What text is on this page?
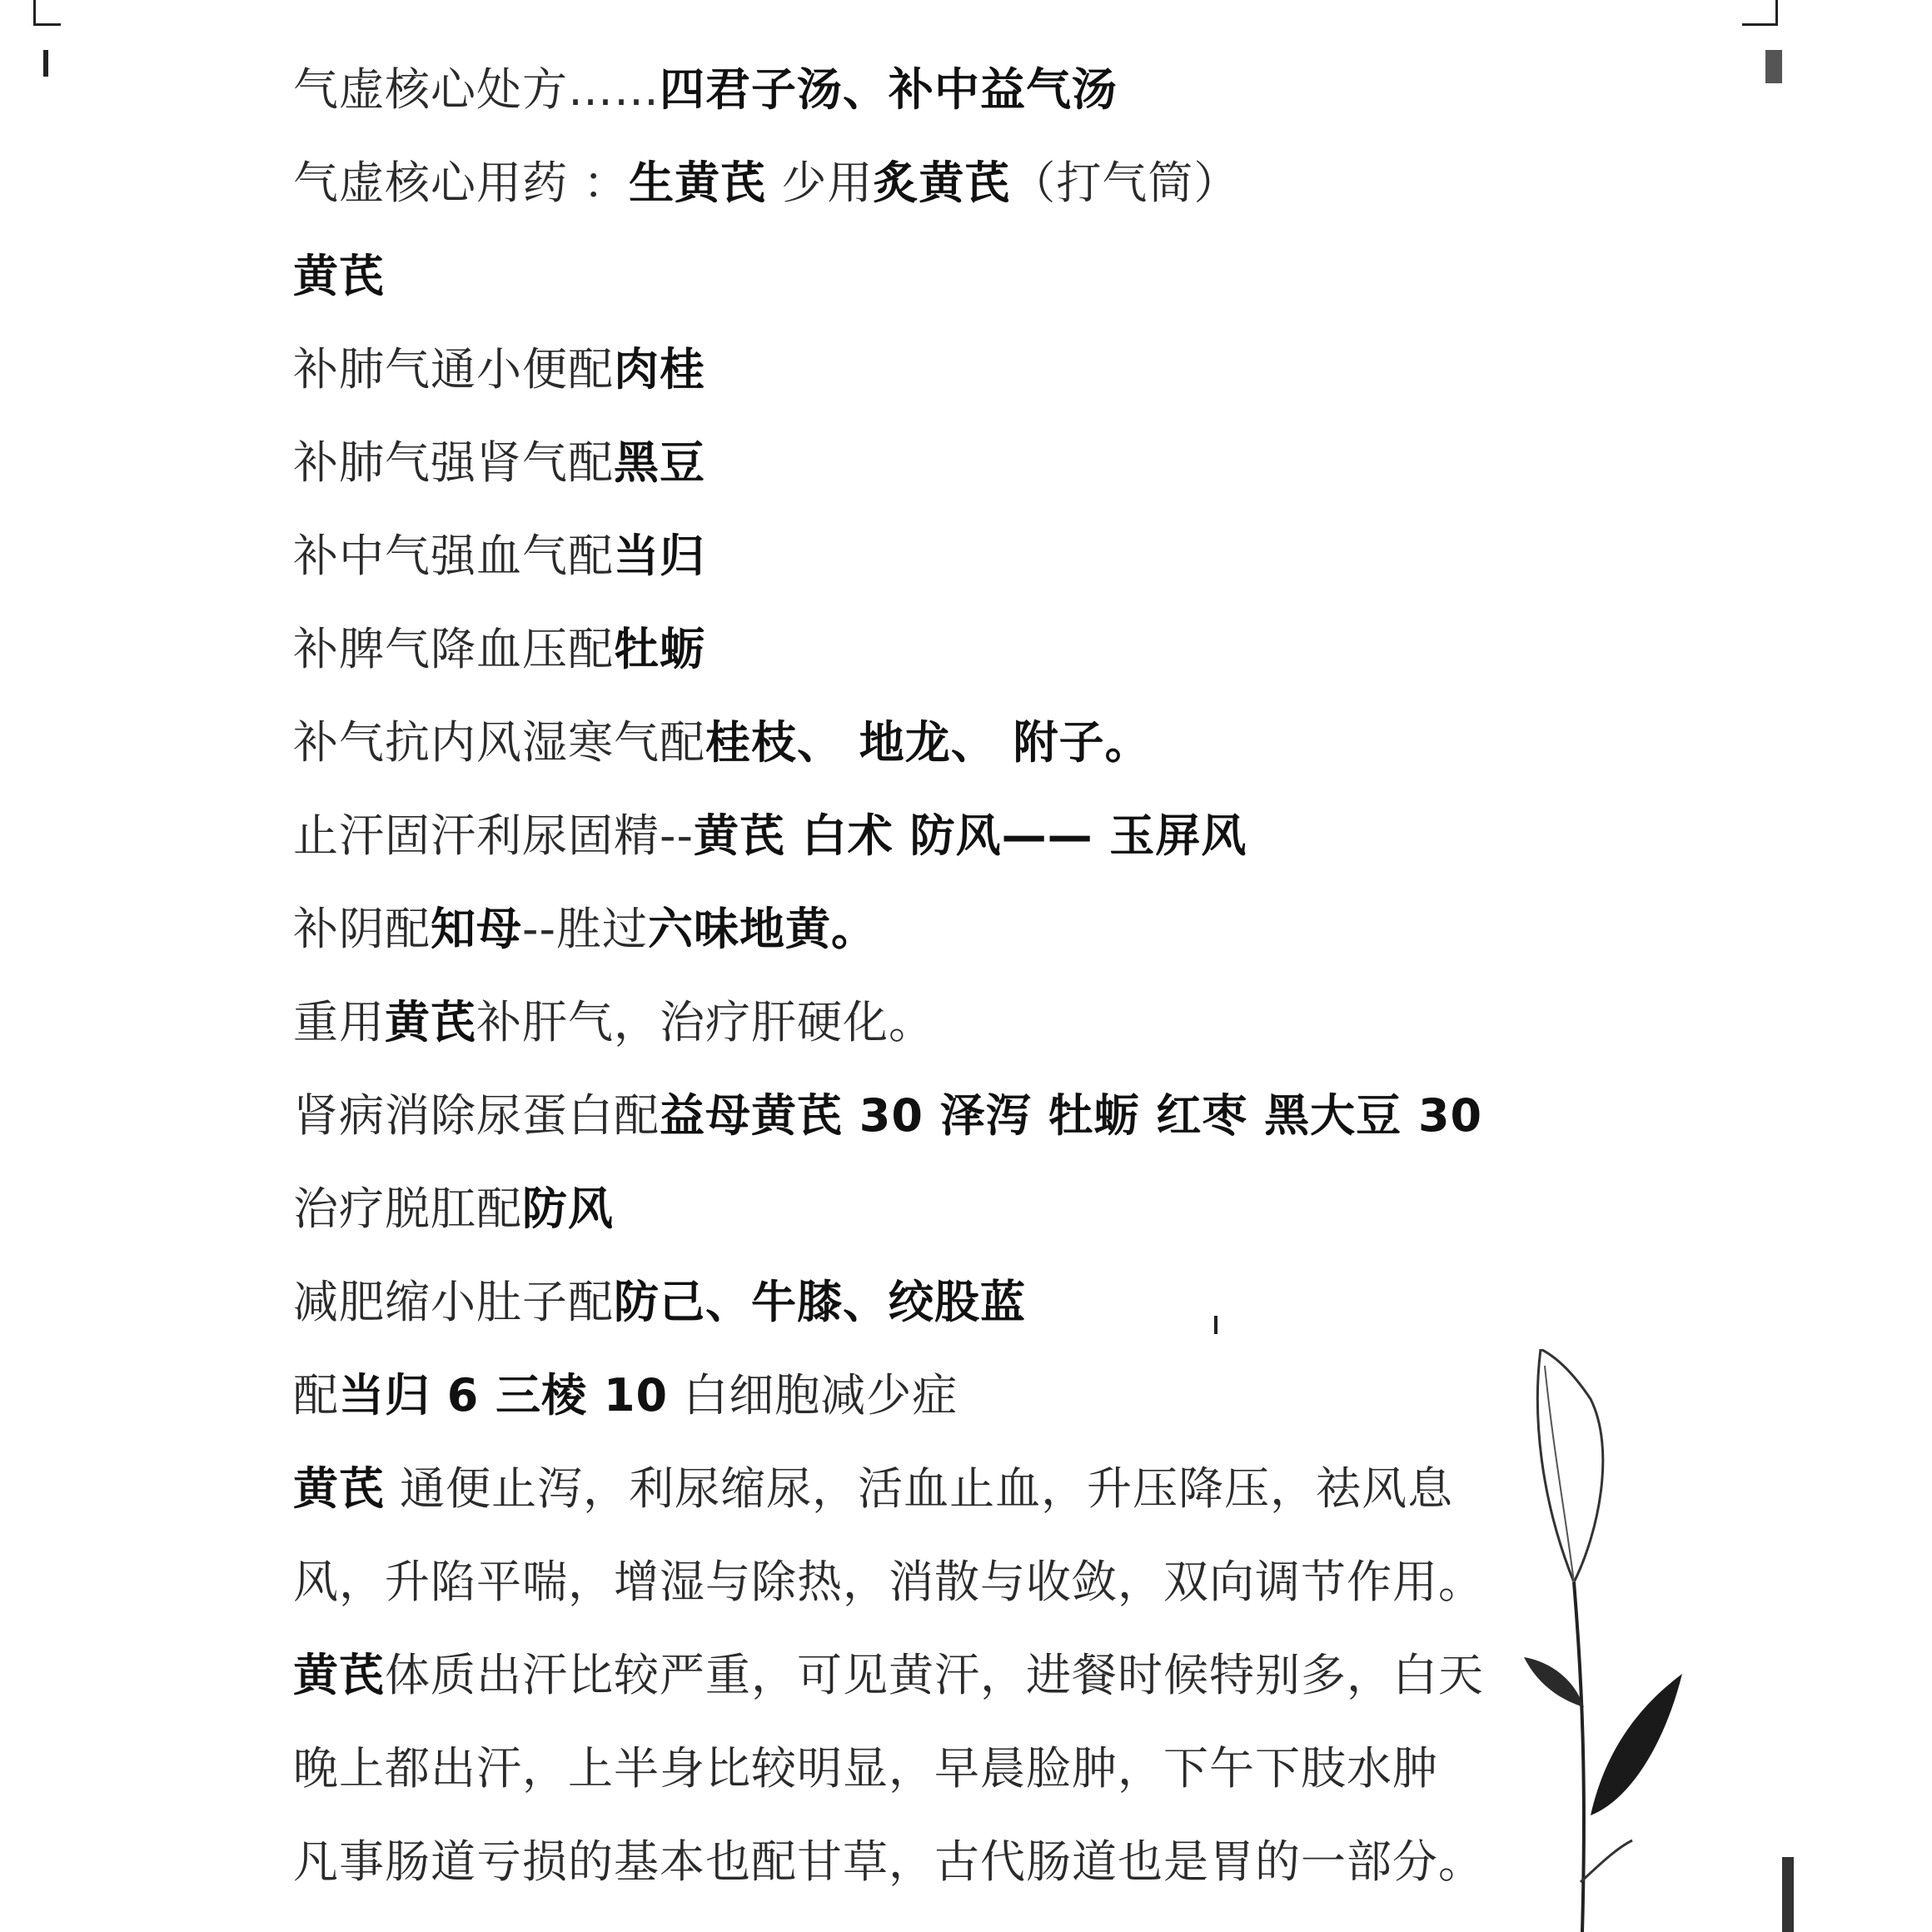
气虚核心处方……四君子汤、补中益气汤
气虚核心用药 ：生黄芪 少用炙黄芪（打气筒）
黄芪
补肺气通小便配肉桂
补肺气强肾气配黑豆
补中气强血气配当归
补脾气降血压配牡蛎
补气抗内风湿寒气配桂枝、 地龙、 附子。
止汗固汗利尿固精--黄芪 白术 防风—— 玉屏风
补阴配知母--胜过六味地黄。
重用黄芪补肝气，治疗肝硬化。
肾病消除尿蛋白配益母黄芪 30 泽泻 牡蛎 红枣 黑大豆 30
治疗脱肛配防风
减肥缩小肚子配防己、牛膝、绞股蓝
配当归 6 三棱 10 白细胞减少症
黄芪 通便止泻，利尿缩尿，活血止血，升压降压，祛风息
风，升陷平喘，增湿与除热，消散与收敛，双向调节作用。
黄芪体质出汗比较严重，可见黄汗，进餐时候特别多，白天
晚上都出汗，上半身比较明显，早晨脸肿，下午下肢水肿
凡事肠道亏损的基本也配甘草，古代肠道也是胃的一部分。
